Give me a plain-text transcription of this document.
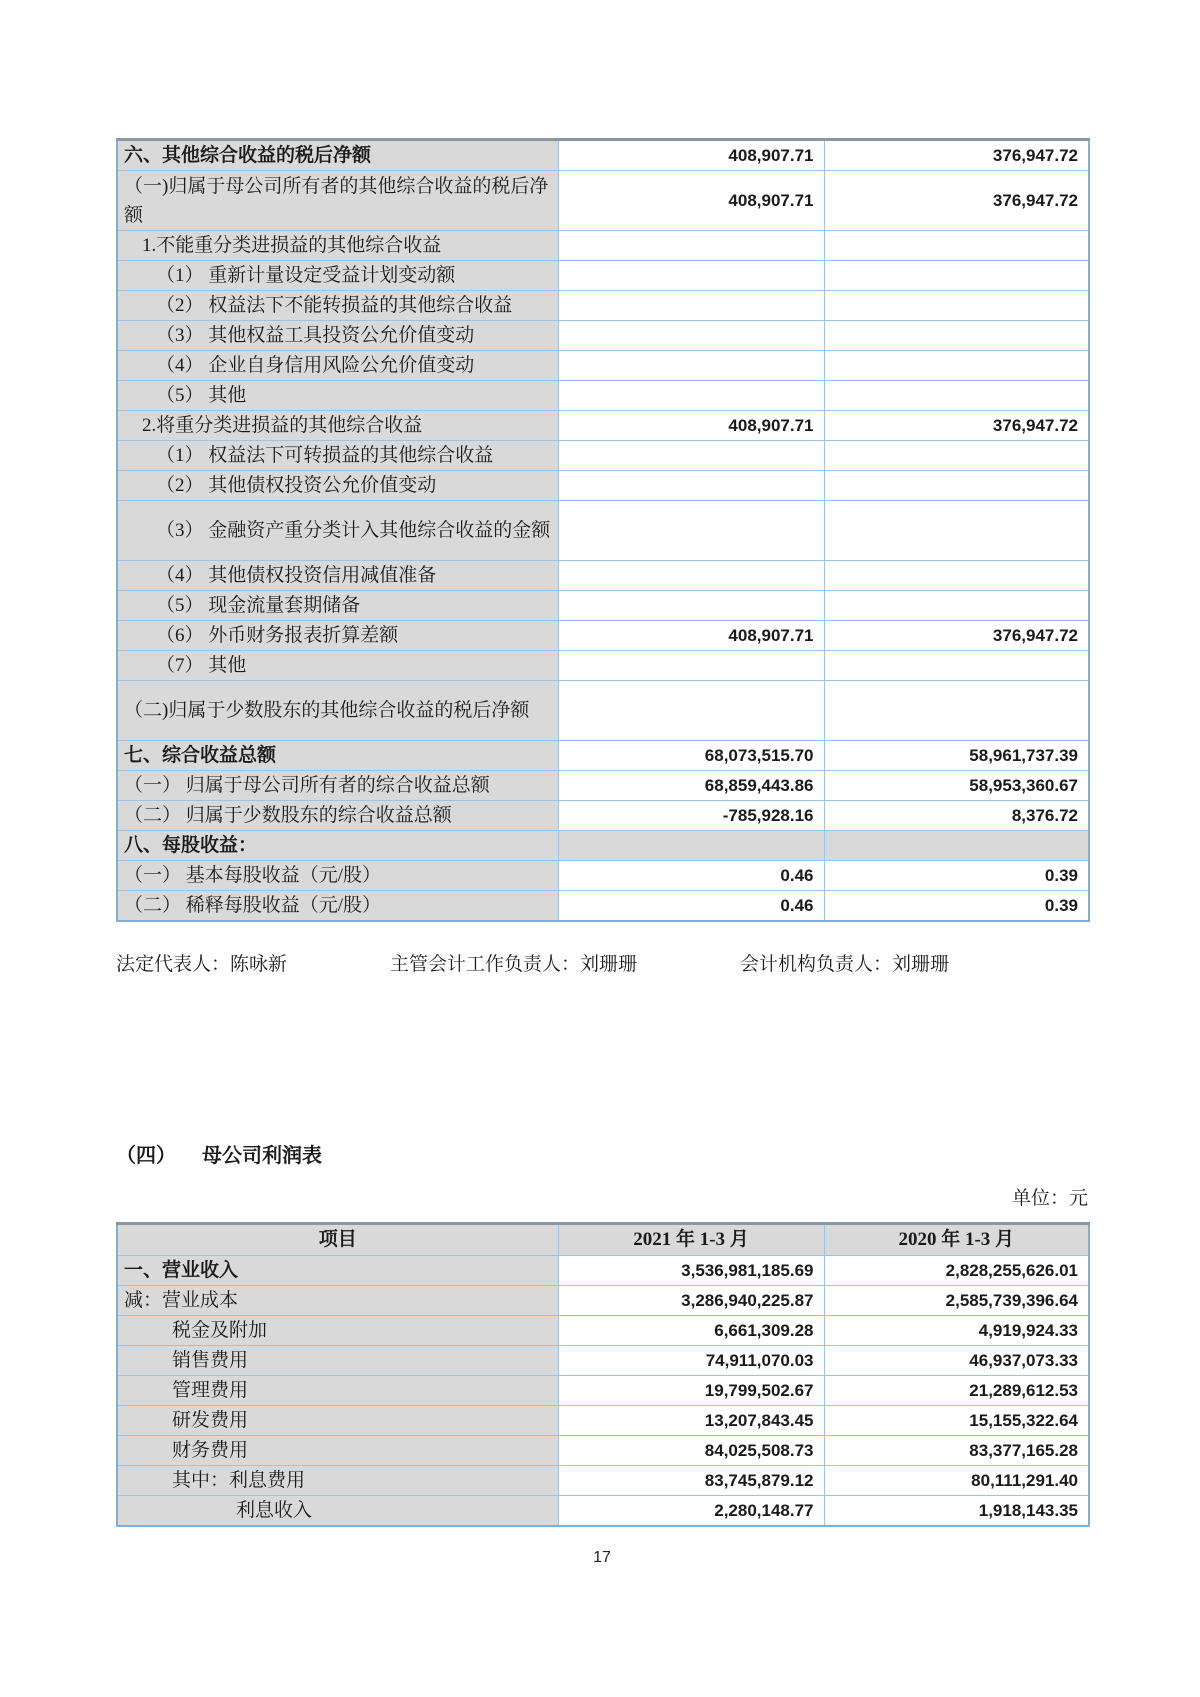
六、其他综合收益的税后净额	408,907.71	376,947.72
（一)归属于母公司所有者的其他综合收益的税后净额	408,907.71	376,947.72
1.不能重分类进损益的其他综合收益		
（1） 重新计量设定受益计划变动额		
（2） 权益法下不能转损益的其他综合收益		
（3） 其他权益工具投资公允价值变动		
（4） 企业自身信用风险公允价值变动		
（5） 其他		
2.将重分类进损益的其他综合收益	408,907.71	376,947.72
（1） 权益法下可转损益的其他综合收益		
（2） 其他债权投资公允价值变动		
（3） 金融资产重分类计入其他综合收益的金额		
（4） 其他债权投资信用减值准备		
（5） 现金流量套期储备		
（6） 外币财务报表折算差额	408,907.71	376,947.72
（7） 其他		
（二)归属于少数股东的其他综合收益的税后净额		
七、综合收益总额	68,073,515.70	58,961,737.39
（一） 归属于母公司所有者的综合收益总额	68,859,443.86	58,953,360.67
（二） 归属于少数股东的综合收益总额	-785,928.16	8,376.72
八、每股收益：		
（一） 基本每股收益（元/股）	0.46	0.39
（二） 稀释每股收益（元/股）	0.46	0.39
法定代表人：陈咏新	主管会计工作负责人：刘珊珊	会计机构负责人：刘珊珊
（四） 母公司利润表
单位：元
项目	2021 年 1-3 月	2020 年 1-3 月
一、营业收入	3,536,981,185.69	2,828,255,626.01
减：营业成本	3,286,940,225.87	2,585,739,396.64
税金及附加	6,661,309.28	4,919,924.33
销售费用	74,911,070.03	46,937,073.33
管理费用	19,799,502.67	21,289,612.53
研发费用	13,207,843.45	15,155,322.64
财务费用	84,025,508.73	83,377,165.28
其中：利息费用	83,745,879.12	80,111,291.40
利息收入	2,280,148.77	1,918,143.35
17
